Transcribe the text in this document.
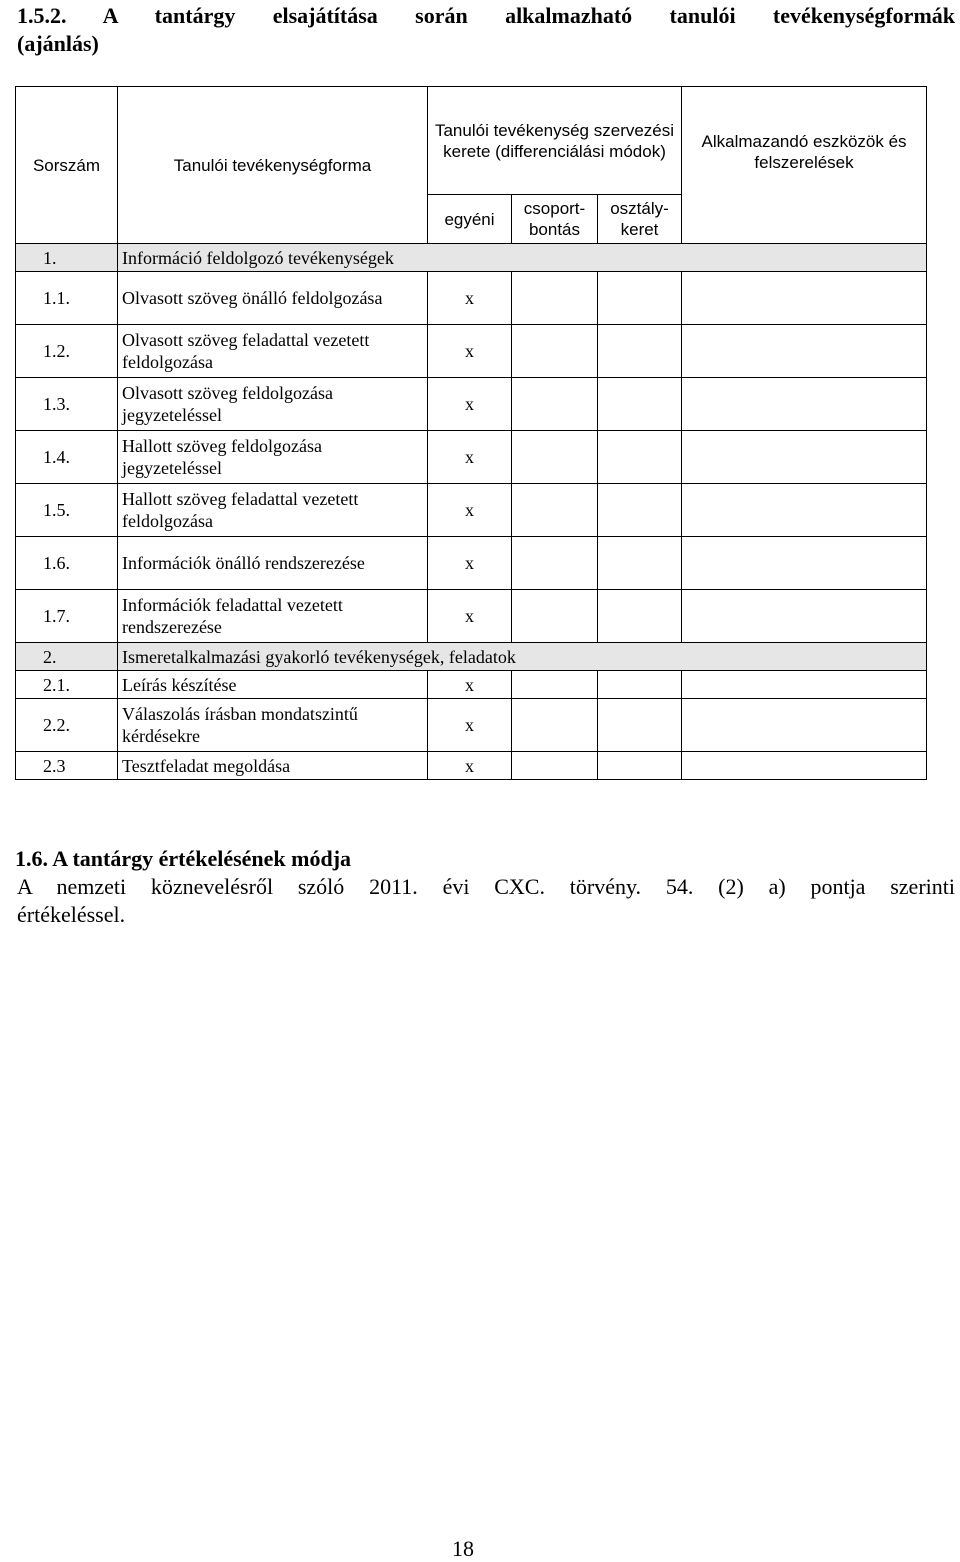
1.5.2. A tantárgy elsajátítása során alkalmazható tanulói tevékenységformák

(ajánlás)

Sorszám	Tanulói tevékenységforma	Tanulói tevékenység szervezési kerete (differenciálási módok)			Alkalmazandó eszközök és felszerelések
		egyéni	csoport-bontás	osztály-keret	
1.	Információ feldolgozó tevékenységek				
1.1.	Olvasott szöveg önálló feldolgozása	x			
1.2.	Olvasott szöveg feladattal vezetett feldolgozása	x			
1.3.	Olvasott szöveg feldolgozása jegyzeteléssel	x			
1.4.	Hallott szöveg feldolgozása jegyzeteléssel	x			
1.5.	Hallott szöveg feladattal vezetett feldolgozása	x			
1.6.	Információk önálló rendszerezése	x			
1.7.	Információk feladattal vezetett rendszerezése	x			
2.	Ismeretalkalmazási gyakorló tevékenységek, feladatok				
2.1.	Leírás készítése	x			
2.2.	Válaszolás írásban mondatszintű kérdésekre	x			
2.3	Tesztfeladat megoldása	x			

1.6. A tantárgy értékelésének módja

A nemzeti köznevelésről szóló 2011. évi CXC. törvény. 54. (2) a) pontja szerinti
értékeléssel.

18
